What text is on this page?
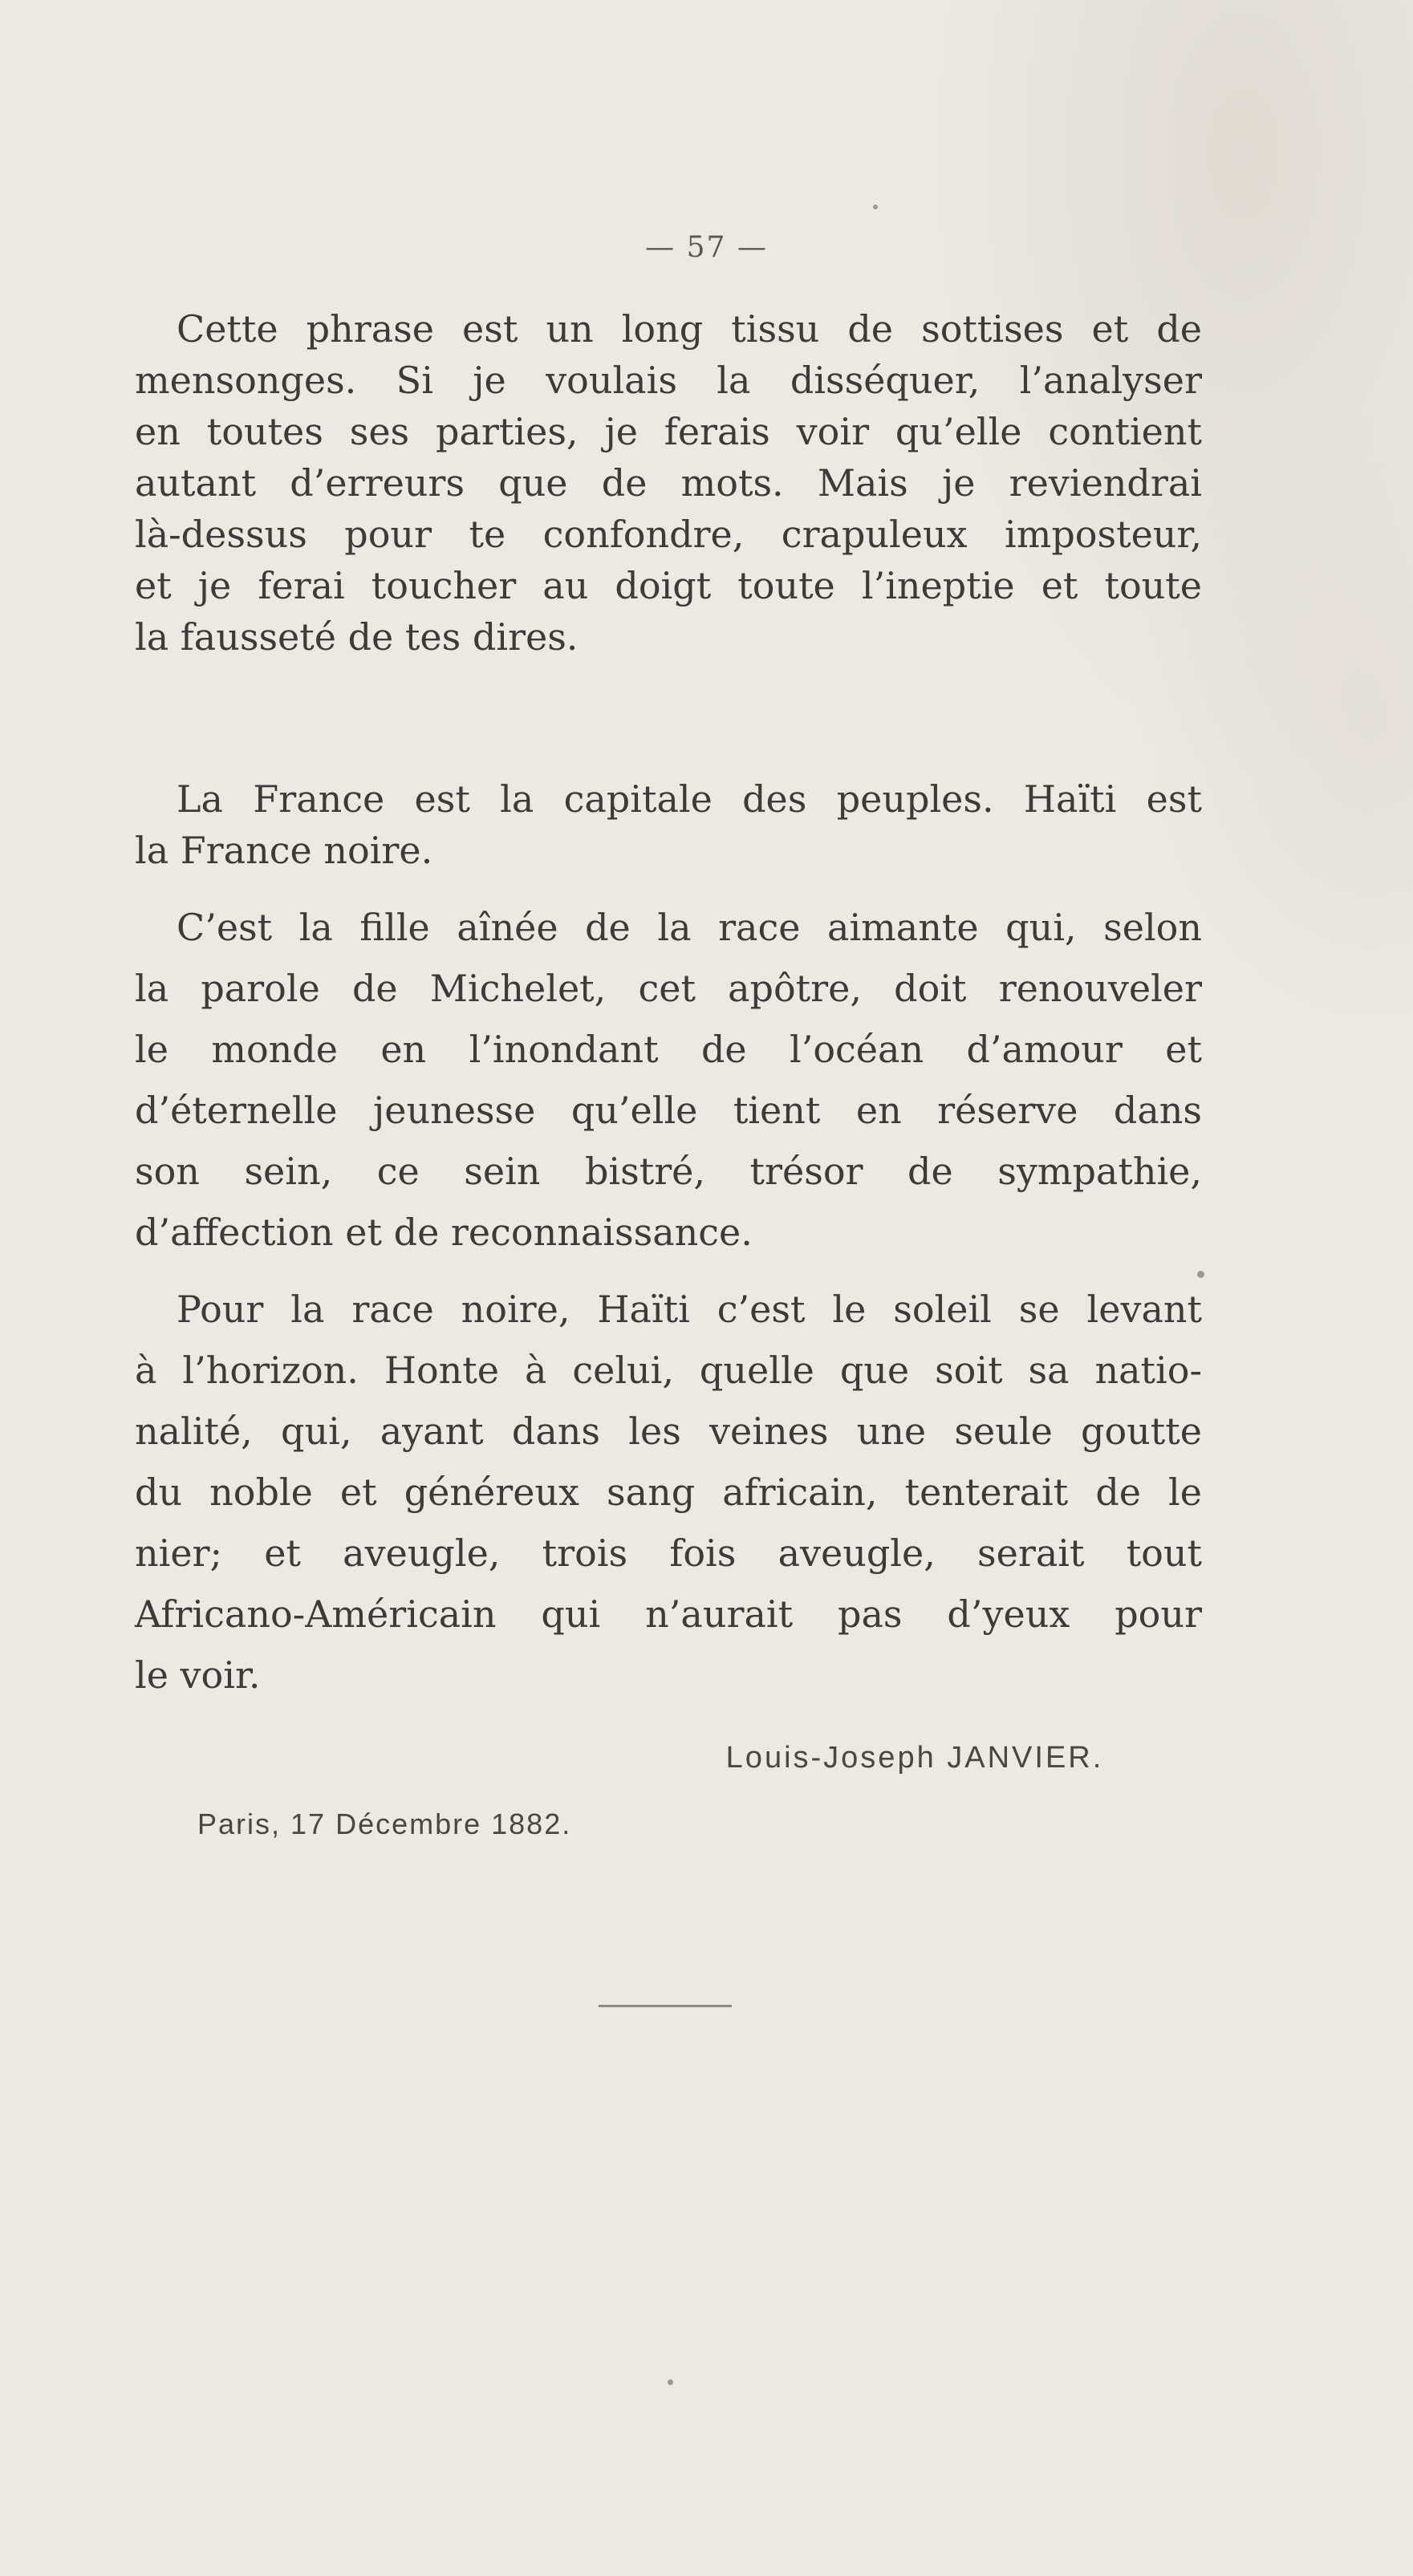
— 57 —
Cette phrase est un long tissu de sottises et de
mensonges. Si je voulais la disséquer, l’analyser
en toutes ses parties, je ferais voir qu’elle contient
autant d’erreurs que de mots. Mais je reviendrai
là-dessus pour te confondre, crapuleux imposteur,
et je ferai toucher au doigt toute l’ineptie et toute
la fausseté de tes dires.
La France est la capitale des peuples. Haïti est
la France noire.
C’est la fille aînée de la race aimante qui, selon
la parole de Michelet, cet apôtre, doit renouveler
le monde en l’inondant de l’océan d’amour et
d’éternelle jeunesse qu’elle tient en réserve dans
son sein, ce sein bistré, trésor de sympathie,
d’affection et de reconnaissance.
Pour la race noire, Haïti c’est le soleil se levant
à l’horizon. Honte à celui, quelle que soit sa natio-
nalité, qui, ayant dans les veines une seule goutte
du noble et généreux sang africain, tenterait de le
nier; et aveugle, trois fois aveugle, serait tout
Africano-Américain qui n’aurait pas d’yeux pour
le voir.
Louis-Joseph JANVIER.
Paris, 17 Décembre 1882.
